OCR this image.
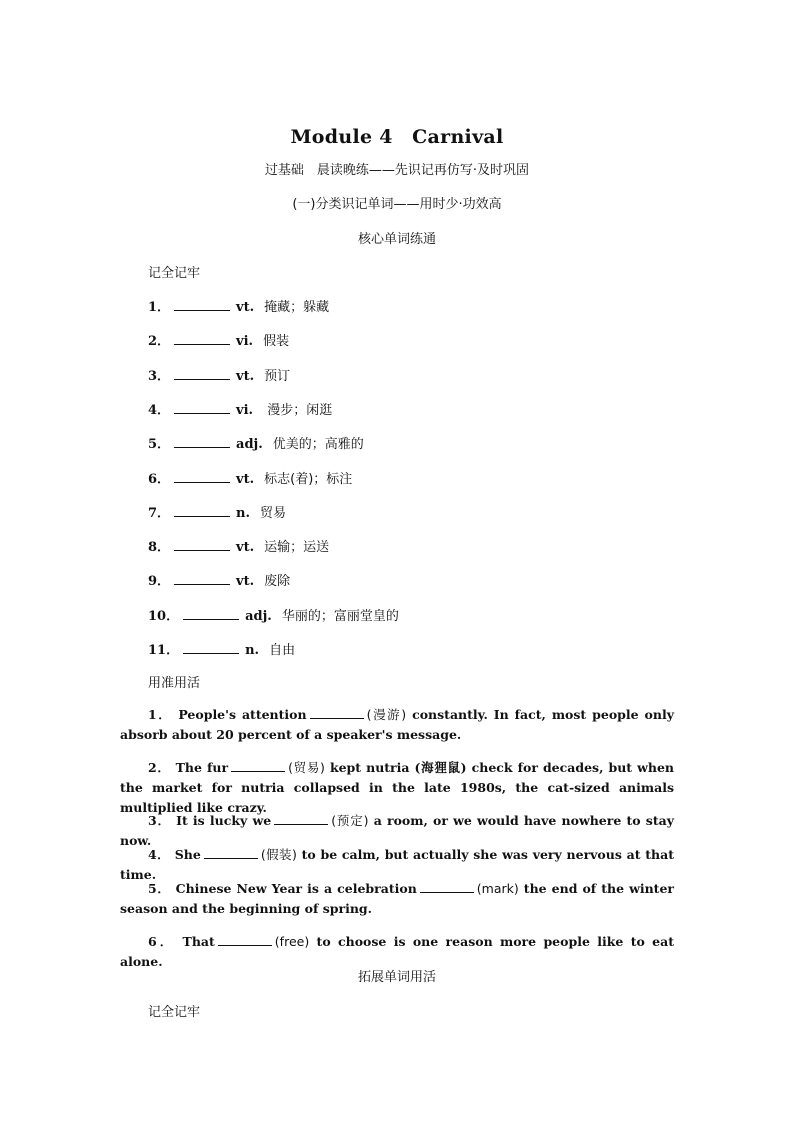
Module 4　Carnival
过基础　晨读晚练——先识记再仿写·及时巩固
(一)分类识记单词——用时少·功效高
核心单词练通
记全记牢
1．	vt. 掩藏；躲藏
2．	vi. 假装
3．	vt. 预订
4．	vi. 漫步；闲逛
5．	adj. 优美的；高雅的
6．	vt. 标志(着)；标注
7．	n. 贸易
8．	vt. 运输；运送
9．	vt. 废除
10．	adj. 华丽的；富丽堂皇的
11．	n. 自由
用准用活
1． People's attention	(漫游) constantly. In fact, most people only absorb about 20 percent of a speaker's message.
2． The fur	(贸易) kept nutria (海狸鼠) check for decades, but when the market for nutria collapsed in the late 1980s, the cat-sized animals multiplied like crazy.
3． It is lucky we	(预定) a room, or we would have nowhere to stay now.
4． She	(假装) to be calm, but actually she was very nervous at that time.
5． Chinese New Year is a celebration	(mark) the end of the winter season and the beginning of spring.
6． That	(free) to choose is one reason more people like to eat alone.
拓展单词用活
记全记牢
